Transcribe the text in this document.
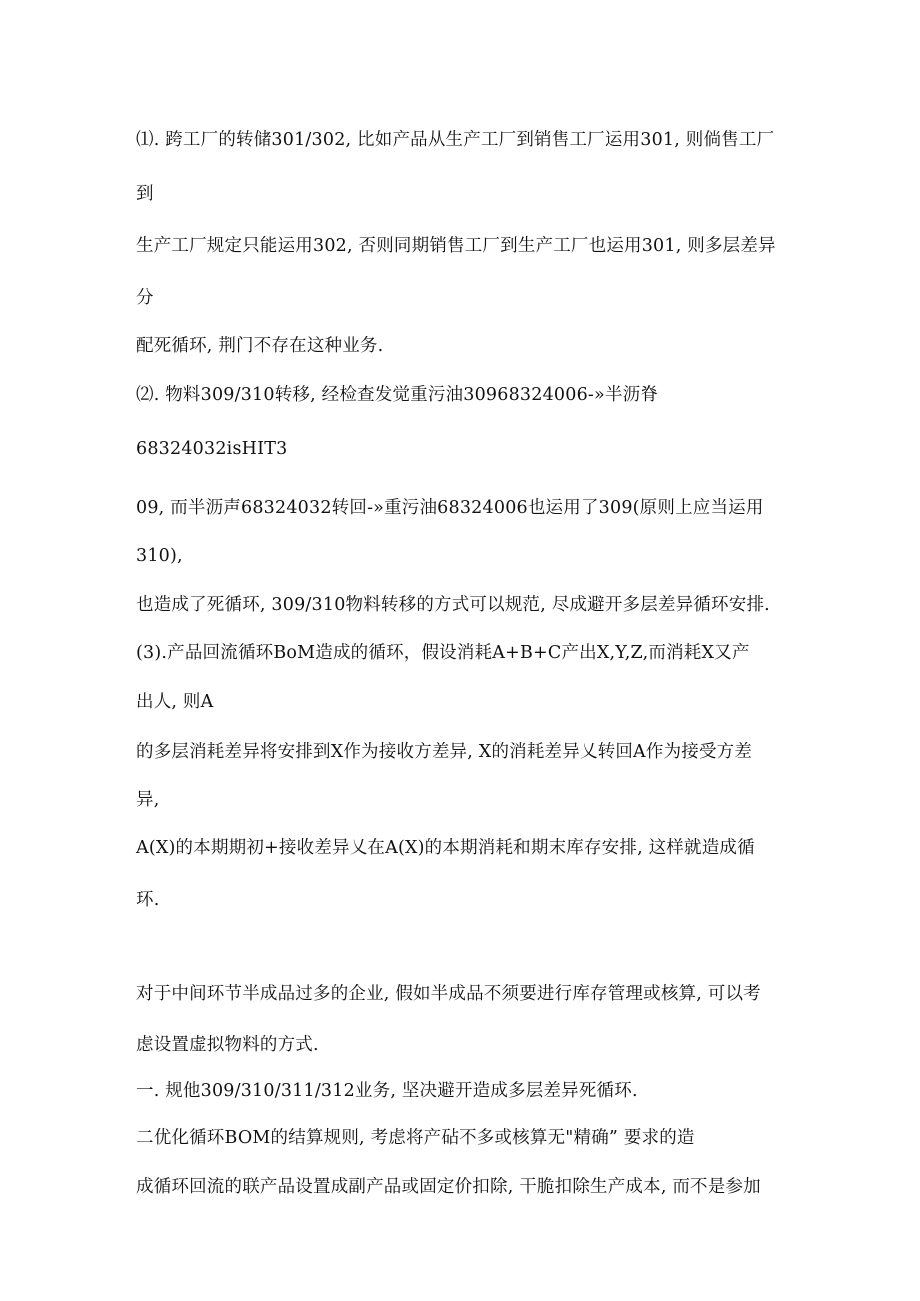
⑴. 跨工厂的转储301/302, 比如产品从生产工厂到销售工厂运用301, 则倘售工厂
到
生产工厂规定只能运用302, 否则同期销售工厂到生产工厂也运用301, 则多层差异
分
配死循环, 荆门不存在这种业务.
⑵. 物料309/310转移, 经检查发觉重污油30968324006-»半沥脊
68324032isHIT3
09, 而半沥声68324032转回-»重污油68324006也运用了309(原则上应当运用
310),
也造成了死循环, 309/310物料转移的方式可以规范, 尽成避开多层差异循环安排.
(3).产品回流循环BoM造成的循环，假设消耗A+B+C产出X,Y,Z,而消耗X又产
出人, 则A
的多层消耗差异将安排到X作为接收方差异, X的消耗差异乂转回A作为接受方差
异,
A(X)的本期期初+接收差异乂在A(X)的本期消耗和期末库存安排, 这样就造成循
环.
对于中间环节半成品过多的企业, 假如半成品不须要进行库存管理或核算, 可以考
虑设置虚拟物料的方式.
一. 规他309/310/311/312业务, 坚决避开造成多层差异死循环.
二优化循环BOM的结算规则, 考虑将产砧不多或核算无"精确” 要求的造
成循环回流的联产品设置成副产品或固定价扣除, 干脆扣除生产成本, 而不是参加
